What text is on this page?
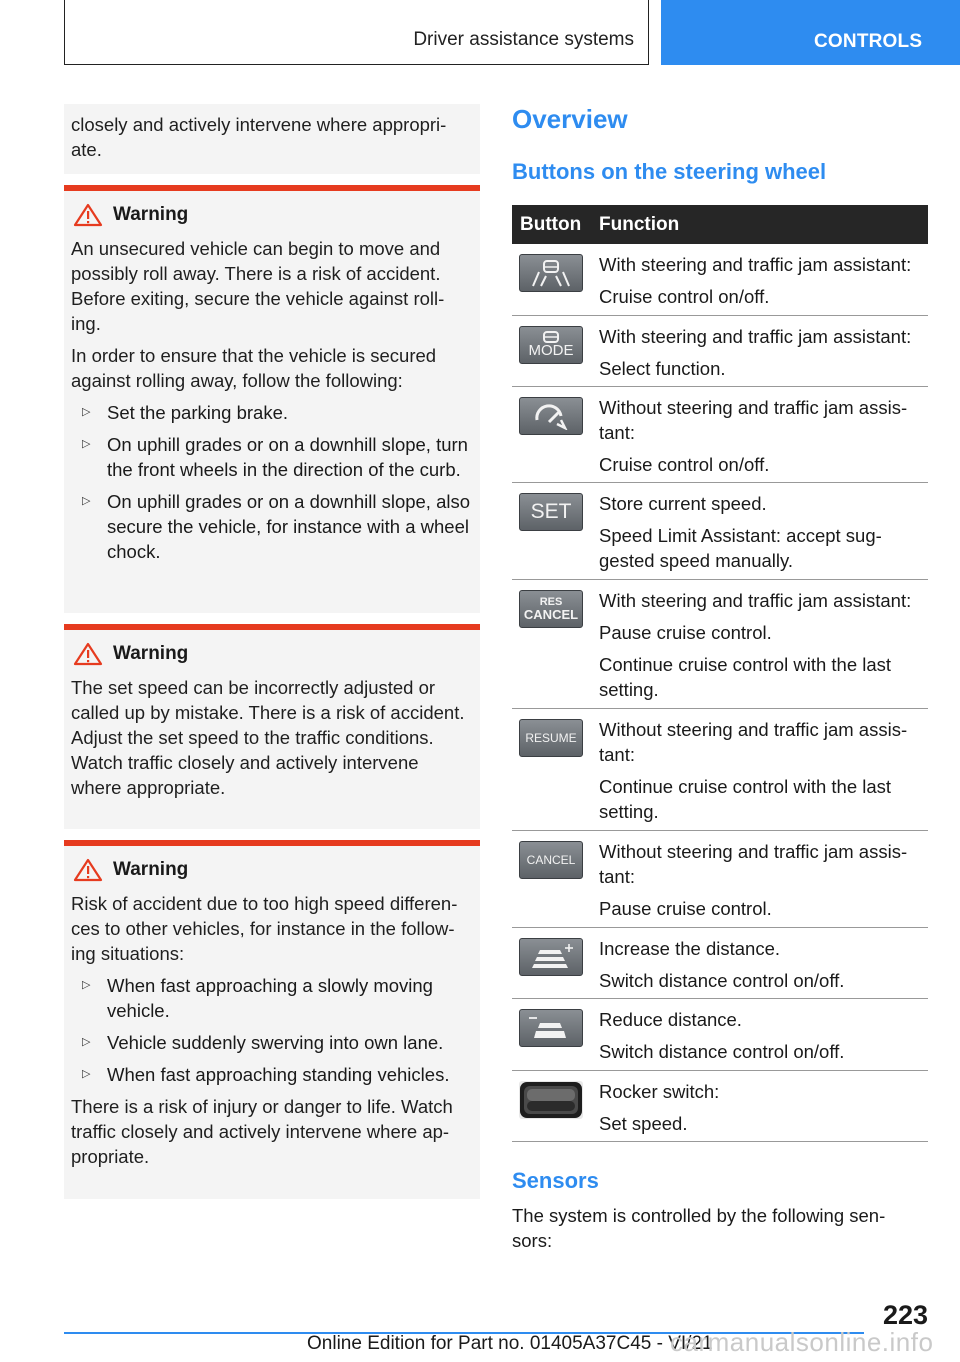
Driver assistance systems	CONTROLS
closely and actively intervene where appropri-ate.
Warning
An unsecured vehicle can begin to move and possibly roll away. There is a risk of accident. Before exiting, secure the vehicle against roll-ing.
In order to ensure that the vehicle is secured against rolling away, follow the following:
▷ Set the parking brake.
▷ On uphill grades or on a downhill slope, turn the front wheels in the direction of the curb.
▷ On uphill grades or on a downhill slope, also secure the vehicle, for instance with a wheel chock.
Warning
The set speed can be incorrectly adjusted or called up by mistake. There is a risk of accident. Adjust the set speed to the traffic conditions. Watch traffic closely and actively intervene where appropriate.
Warning
Risk of accident due to too high speed differen-ces to other vehicles, for instance in the follow-ing situations:
▷ When fast approaching a slowly moving vehicle.
▷ Vehicle suddenly swerving into own lane.
▷ When fast approaching standing vehicles.
There is a risk of injury or danger to life. Watch traffic closely and actively intervene where ap-propriate.
Overview
Buttons on the steering wheel
Button Function
With steering and traffic jam assistant:
Cruise control on/off.
MODE
With steering and traffic jam assistant:
Select function.
Without steering and traffic jam assis-tant:
Cruise control on/off.
SET Store current speed.
Speed Limit Assistant: accept sug-gested speed manually.
RES
CANCEL
With steering and traffic jam assistant:
Pause cruise control.
Continue cruise control with the last setting.
RESUME Without steering and traffic jam assis-tant:
Continue cruise control with the last setting.
CANCEL Without steering and traffic jam assis-tant:
Pause cruise control.
Increase the distance.
Switch distance control on/off.
Reduce distance.
Switch distance control on/off.
Rocker switch:
Set speed.
Sensors
The system is controlled by the following sen-sors:
223
Online Edition for Part no. 01405A37C45 - VI/21
carmanualsonline.info
